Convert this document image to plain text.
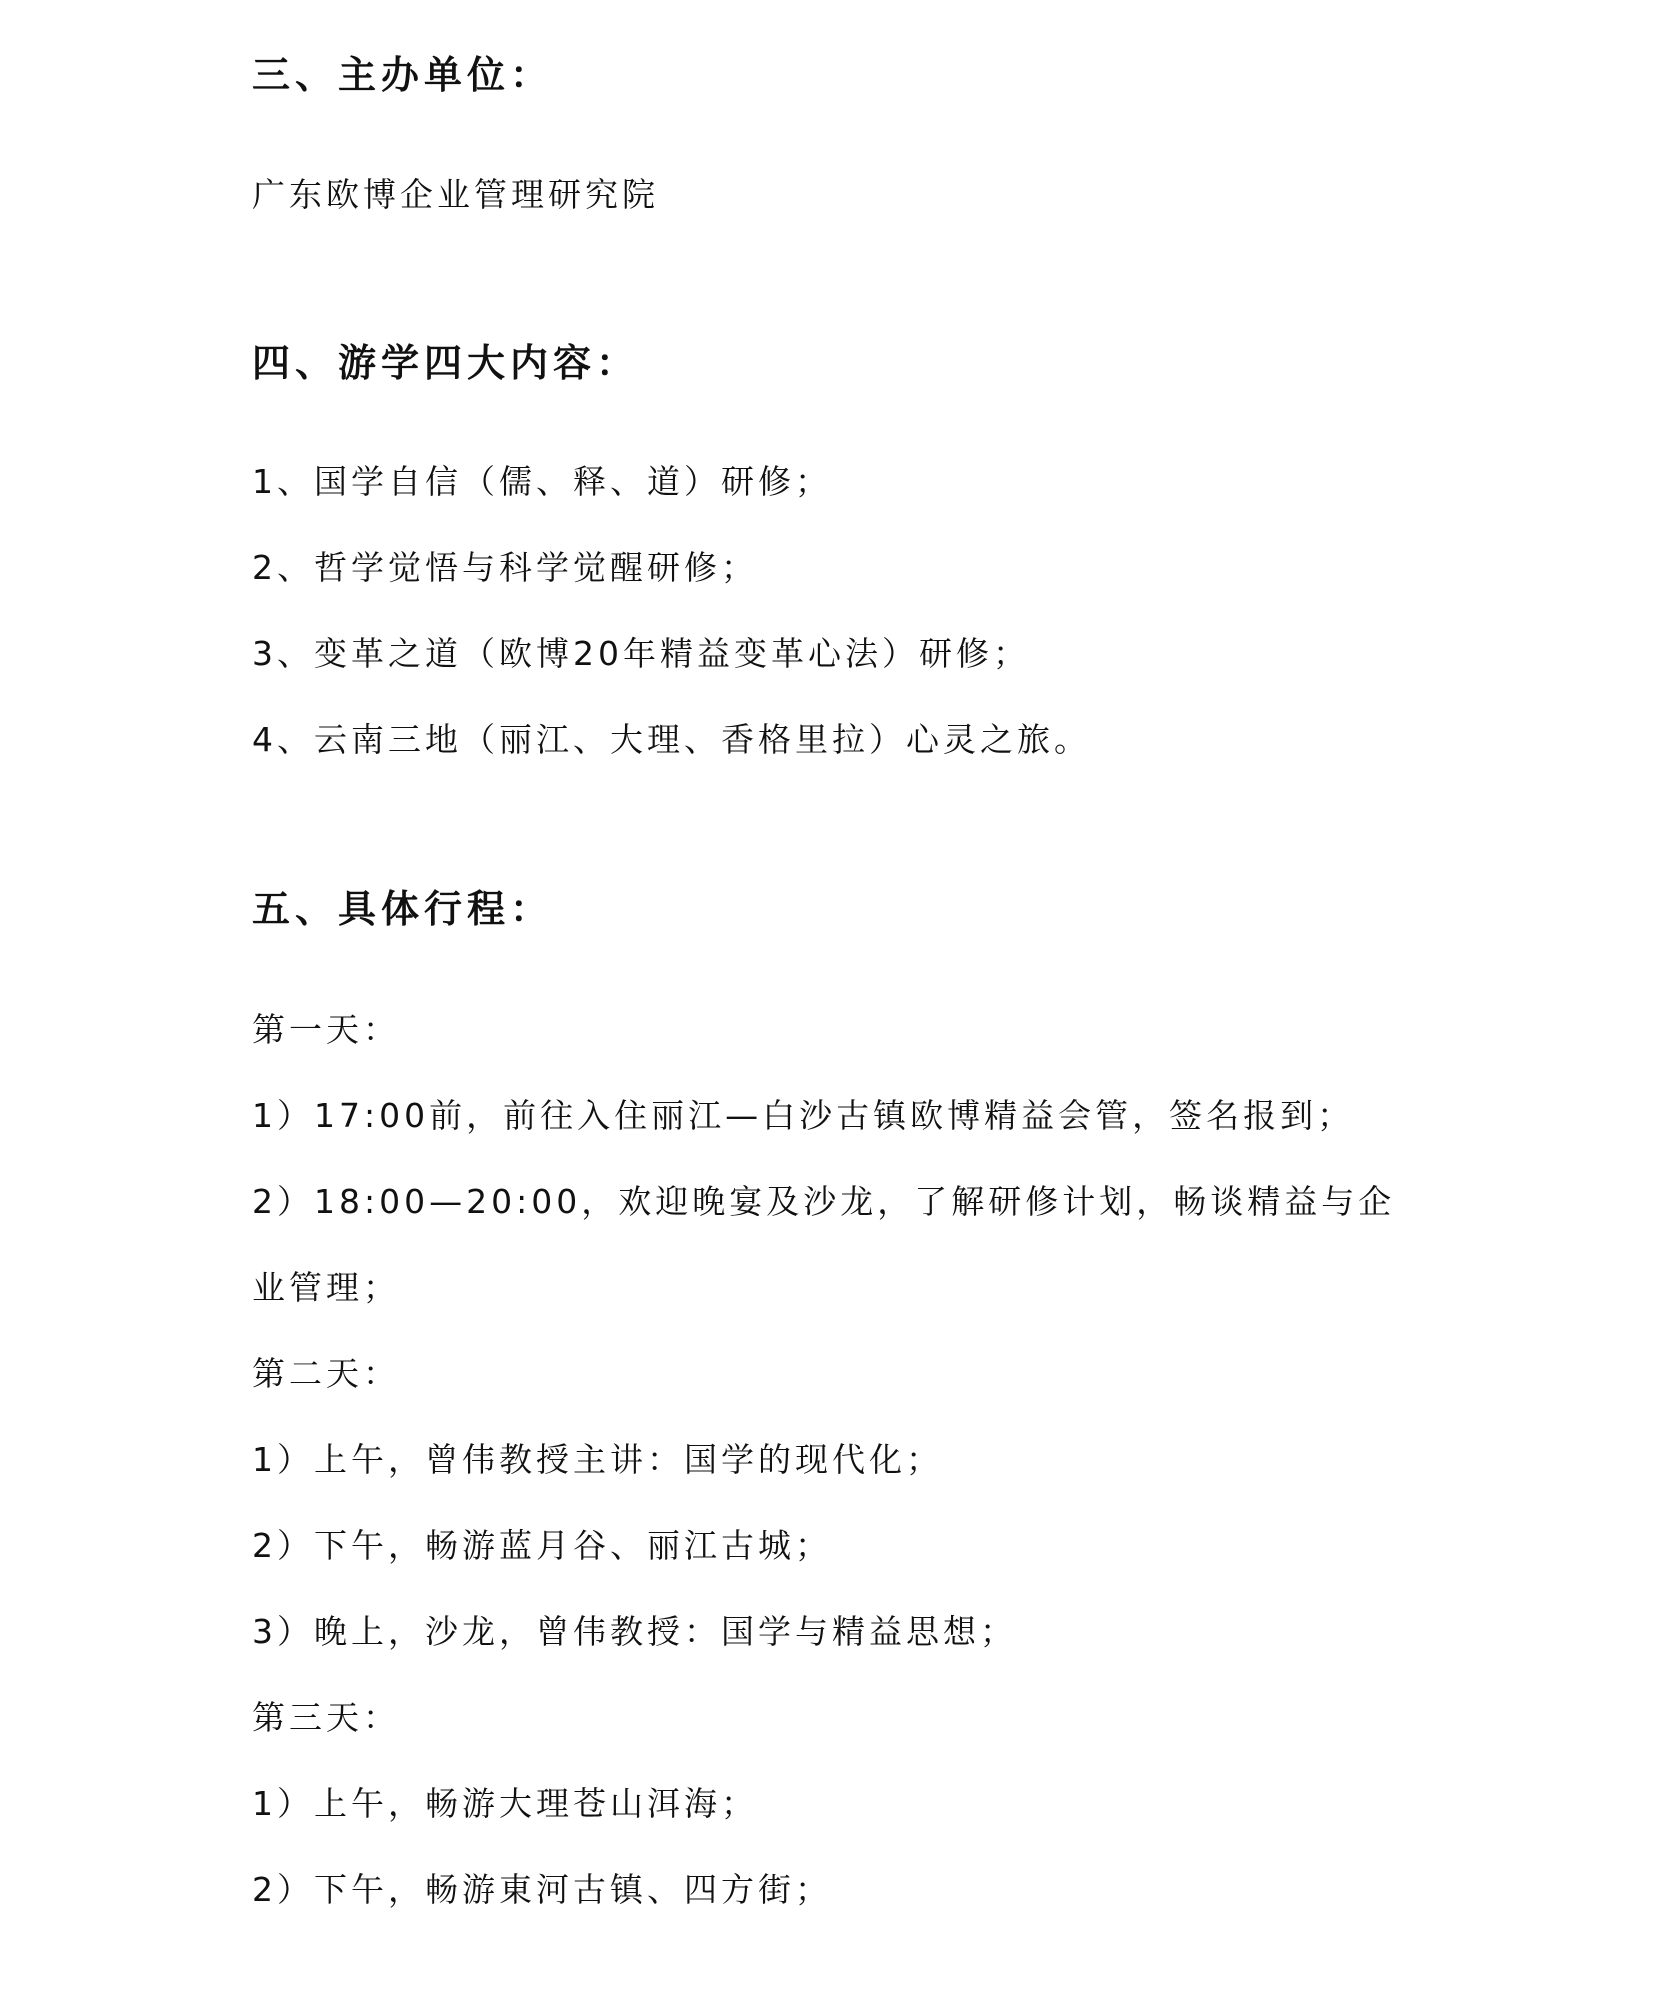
三、主办单位：
广东欧博企业管理研究院
四、游学四大内容：
1、国学自信（儒、释、道）研修；
2、哲学觉悟与科学觉醒研修；
3、变革之道（欧博20年精益变革心法）研修；
4、云南三地（丽江、大理、香格里拉）心灵之旅。
五、具体行程：
第一天：
1）17:00前，前往入住丽江—白沙古镇欧博精益会管，签名报到；
2）18:00—20:00，欢迎晚宴及沙龙，了解研修计划，畅谈精益与企
业管理；
第二天：
1）上午，曾伟教授主讲：国学的现代化；
2）下午，畅游蓝月谷、丽江古城；
3）晚上，沙龙，曾伟教授：国学与精益思想；
第三天：
1）上午，畅游大理苍山洱海；
2）下午，畅游東河古镇、四方街；
